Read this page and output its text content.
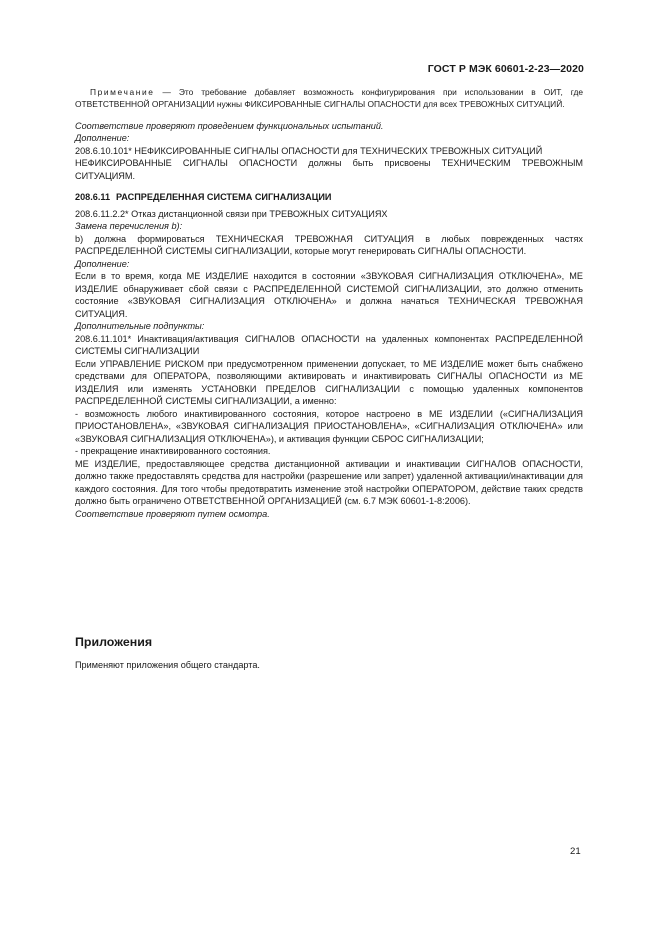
ГОСТ Р МЭК 60601-2-23—2020

Примечание — Это требование добавляет возможность конфигурирования при использовании в ОИТ, где ОТВЕТСТВЕННОЙ ОРГАНИЗАЦИИ нужны ФИКСИРОВАННЫЕ СИГНАЛЫ ОПАСНОСТИ для всех ТРЕВОЖНЫХ СИТУАЦИЙ.

Соответствие проверяют проведением функциональных испытаний.

Дополнение:

208.6.10.101* НЕФИКСИРОВАННЫЕ СИГНАЛЫ ОПАСНОСТИ для ТЕХНИЧЕСКИХ ТРЕВОЖНЫХ СИТУАЦИЙ

НЕФИКСИРОВАННЫЕ СИГНАЛЫ ОПАСНОСТИ должны быть присвоены ТЕХНИЧЕСКИМ ТРЕВОЖНЫМ СИТУАЦИЯМ.

208.6.11 РАСПРЕДЕЛЕННАЯ СИСТЕМА СИГНАЛИЗАЦИИ

208.6.11.2.2* Отказ дистанционной связи при ТРЕВОЖНЫХ СИТУАЦИЯХ

Замена перечисления b):

b) должна формироваться ТЕХНИЧЕСКАЯ ТРЕВОЖНАЯ СИТУАЦИЯ в любых поврежденных частях РАСПРЕДЕЛЕННОЙ СИСТЕМЫ СИГНАЛИЗАЦИИ, которые могут генерировать СИГНАЛЫ ОПАСНОСТИ.

Дополнение:

Если в то время, когда МЕ ИЗДЕЛИЕ находится в состоянии «ЗВУКОВАЯ СИГНАЛИЗАЦИЯ ОТКЛЮЧЕНА», МЕ ИЗДЕЛИЕ обнаруживает сбой связи с РАСПРЕДЕЛЕННОЙ СИСТЕМОЙ СИГНАЛИЗАЦИИ, это должно отменить состояние «ЗВУКОВАЯ СИГНАЛИЗАЦИЯ ОТКЛЮЧЕНА» и должна начаться ТЕХНИЧЕСКАЯ ТРЕВОЖНАЯ СИТУАЦИЯ.

Дополнительные подпункты:

208.6.11.101* Инактивация/активация СИГНАЛОВ ОПАСНОСТИ на удаленных компонентах РАСПРЕДЕЛЕННОЙ СИСТЕМЫ СИГНАЛИЗАЦИИ

Если УПРАВЛЕНИЕ РИСКОМ при предусмотренном применении допускает, то МЕ ИЗДЕЛИЕ может быть снабжено средствами для ОПЕРАТОРА, позволяющими активировать и инактивировать СИГНАЛЫ ОПАСНОСТИ из МЕ ИЗДЕЛИЯ или изменять УСТАНОВКИ ПРЕДЕЛОВ СИГНАЛИЗАЦИИ с помощью удаленных компонентов РАСПРЕДЕЛЕННОЙ СИСТЕМЫ СИГНАЛИЗАЦИИ, а именно:

- возможность любого инактивированного состояния, которое настроено в МЕ ИЗДЕЛИИ («СИГНАЛИЗАЦИЯ ПРИОСТАНОВЛЕНА», «ЗВУКОВАЯ СИГНАЛИЗАЦИЯ ПРИОСТАНОВЛЕНА», «СИГНАЛИЗАЦИЯ ОТКЛЮЧЕНА» или «ЗВУКОВАЯ СИГНАЛИЗАЦИЯ ОТКЛЮЧЕНА»), и активация функции СБРОС СИГНАЛИЗАЦИИ;

- прекращение инактивированного состояния.

МЕ ИЗДЕЛИЕ, предоставляющее средства дистанционной активации и инактивации СИГНАЛОВ ОПАСНОСТИ, должно также предоставлять средства для настройки (разрешение или запрет) удаленной активации/инактивации для каждого состояния. Для того чтобы предотвратить изменение этой настройки ОПЕРАТОРОМ, действие таких средств должно быть ограничено ОТВЕТСТВЕННОЙ ОРГАНИЗАЦИЕЙ (см. 6.7 МЭК 60601-1-8:2006).

Соответствие проверяют путем осмотра.

Приложения
Применяют приложения общего стандарта.
21
